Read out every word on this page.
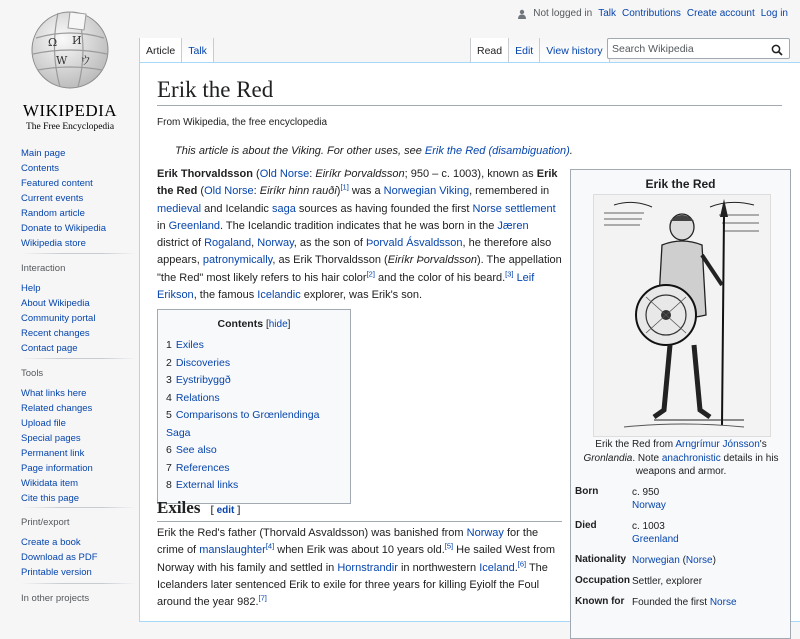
Ω И
W ウ
WIKIPEDIA
The Free Encyclopedia
Main page
Contents
Featured content
Current events
Random article
Donate to Wikipedia
Wikipedia store
Interaction
Help
About Wikipedia
Community portal
Recent changes
Contact page
Tools
What links here
Related changes
Upload file
Special pages
Permanent link
Page information
Wikidata item
Cite this page
Print/export
Create a book
Download as PDF
Printable version
In other projects
Not logged in Talk Contributions Create account Log in
Article	Talk	Read	Edit	View history
Search Wikipedia
Erik the Red
From Wikipedia, the free encyclopedia
This article is about the Viking. For other uses, see Erik the Red (disambiguation).
Erik Thorvaldsson (Old Norse: Eiríkr Þorvaldsson; 950 – c. 1003), known as Erik the Red (Old Norse: Eiríkr hinn rauði)[1] was a Norwegian Viking, remembered in medieval and Icelandic saga sources as having founded the first Norse settlement in Greenland. The Icelandic tradition indicates that he was born in the Jæren district of Rogaland, Norway, as the son of Þorvald Ásvaldsson, he therefore also appears, patronymically, as Erik Thorvaldsson (Eiríkr Þorvaldsson). The appellation "the Red" most likely refers to his hair color[2] and the color of his beard.[3] Leif Erikson, the famous Icelandic explorer, was Erik's son.
Contents [hide]
1 Exiles
2 Discoveries
3 Eystribyggð
4 Relations
5 Comparisons to Grœnlendinga Saga
6 See also
7 References
8 External links
Exiles [ edit ]
Erik the Red's father (Thorvald Asvaldsson) was banished from Norway for the crime of manslaughter[4] when Erik was about 10 years old.[5] He sailed West from Norway with his family and settled in Hornstrandir in northwestern Iceland.[6] The Icelanders later sentenced Erik to exile for three years for killing Eyiolf the Foul around the year 982.[7]
Erik the Red
Erik the Red from Arngrímur Jónsson's Gronlandia. Note anachronistic details in his weapons and armor.
Born	c. 950
Norway
Died	c. 1003
Greenland
Nationality	Norwegian (Norse)
Occupation	Settler, explorer
Known for	Founded the first Norse
